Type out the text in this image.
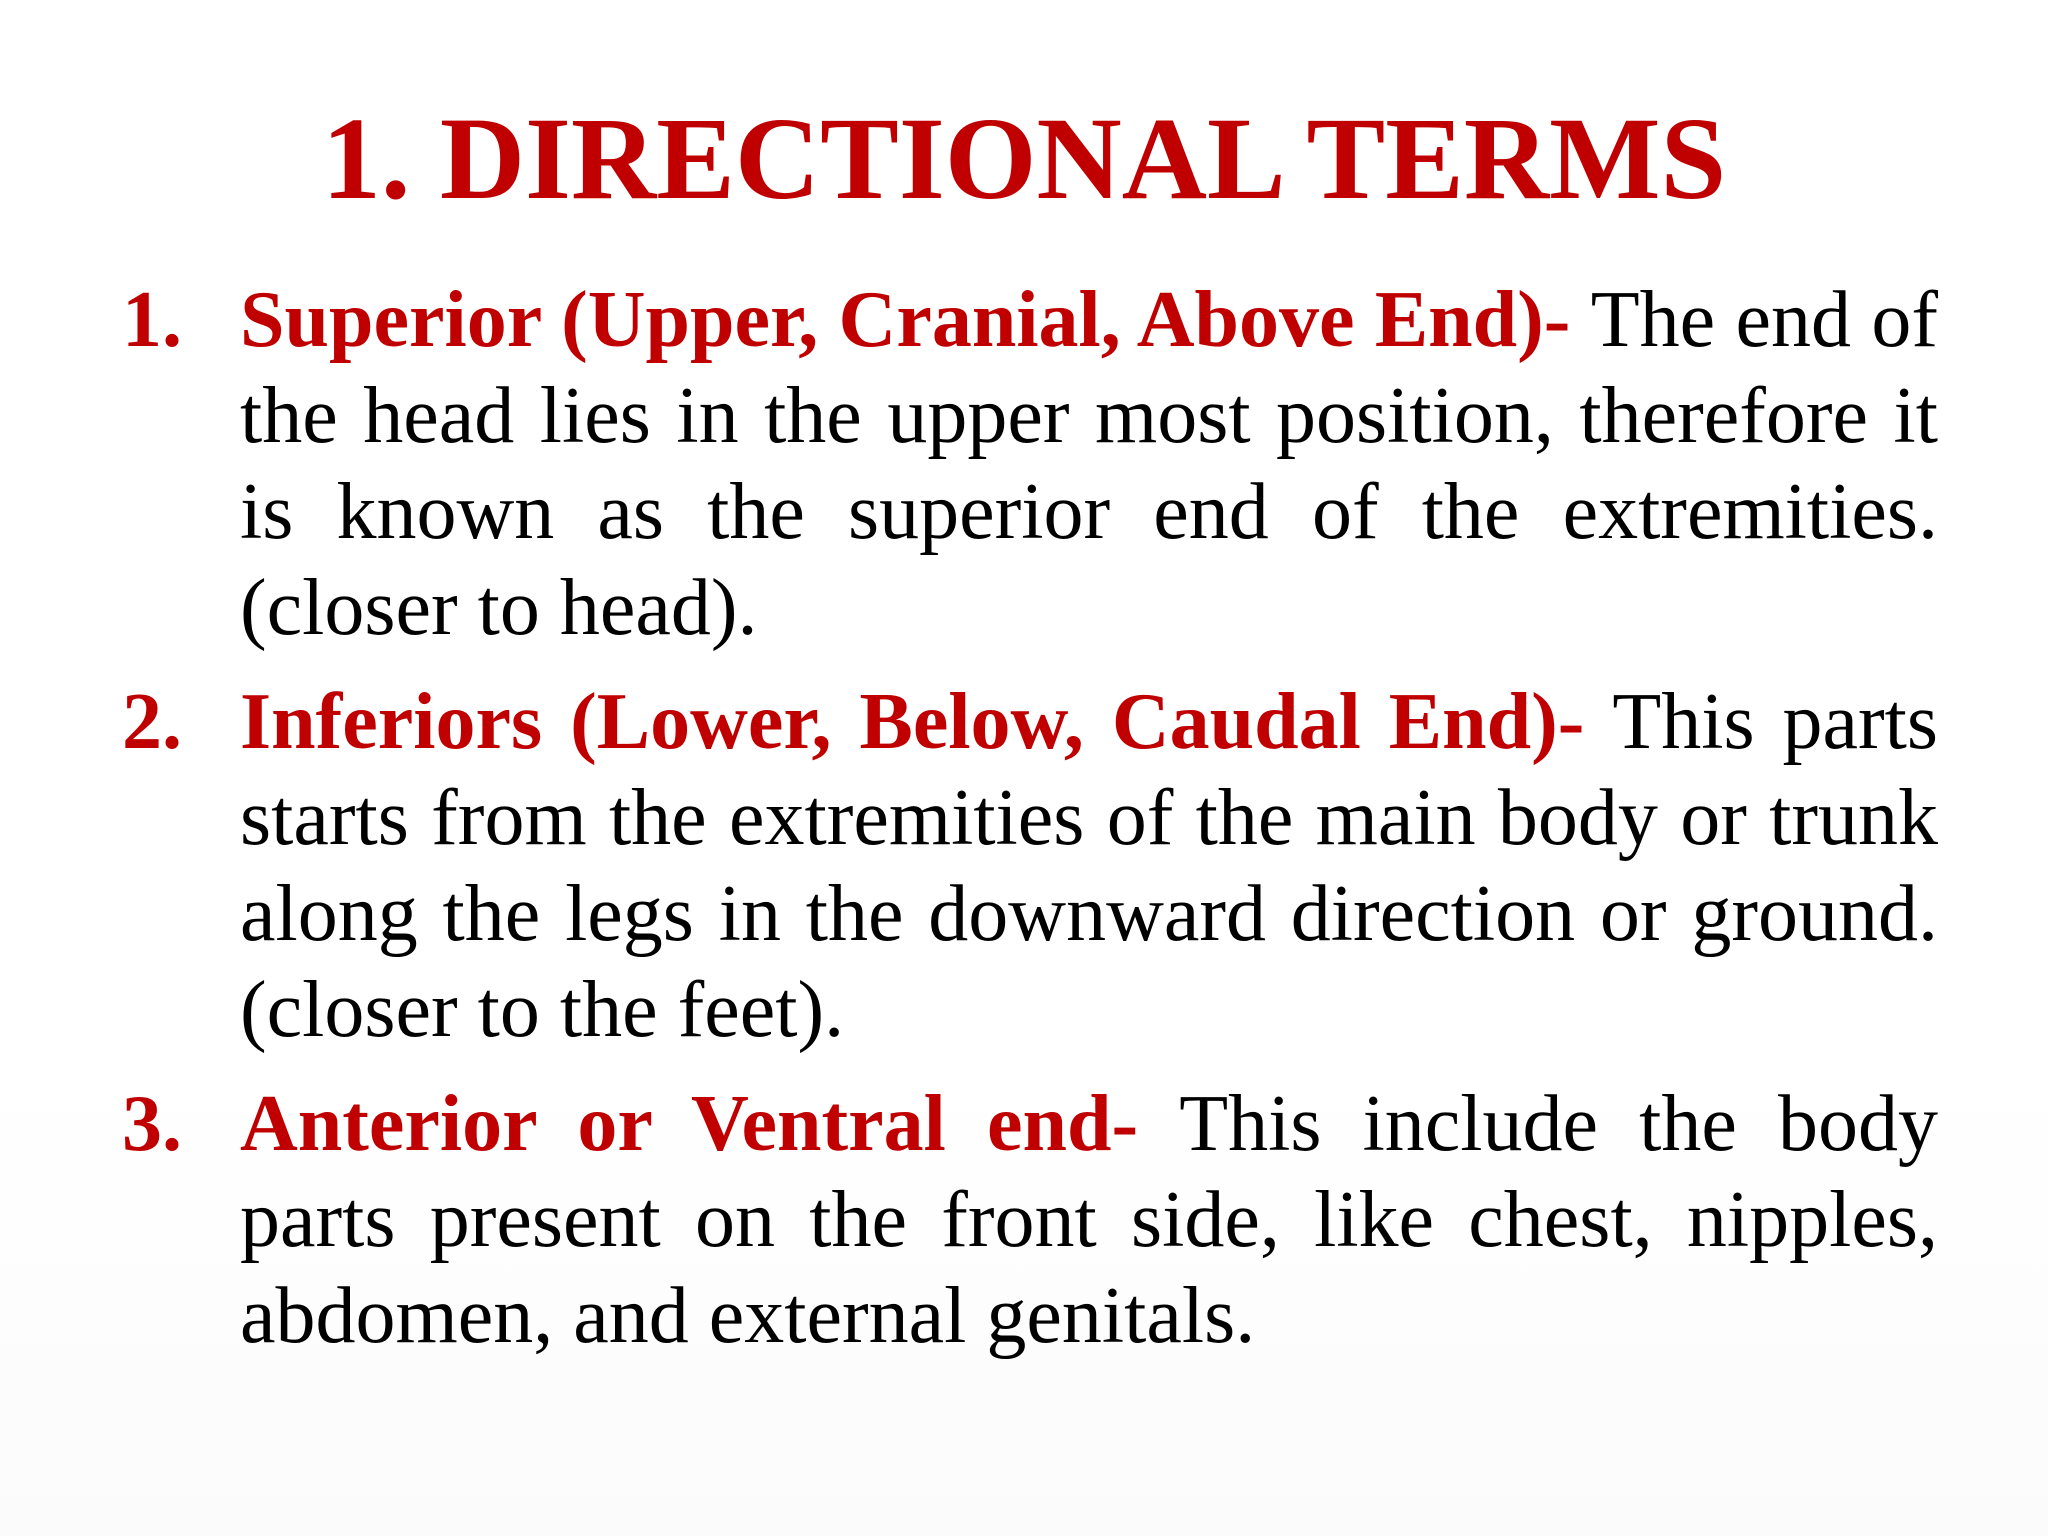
1. DIRECTIONAL TERMS
1. Superior (Upper, Cranial, Above End)- The end of the head lies in the upper most position, therefore it is known as the superior end of the extremities.(closer to head).
2. Inferiors (Lower, Below, Caudal End)- This parts starts from the extremities of the main body or trunk along the legs in the downward direction or ground. (closer to the feet).
3. Anterior or Ventral end- This include the body parts present on the front side, like chest, nipples, abdomen, and external genitals.
